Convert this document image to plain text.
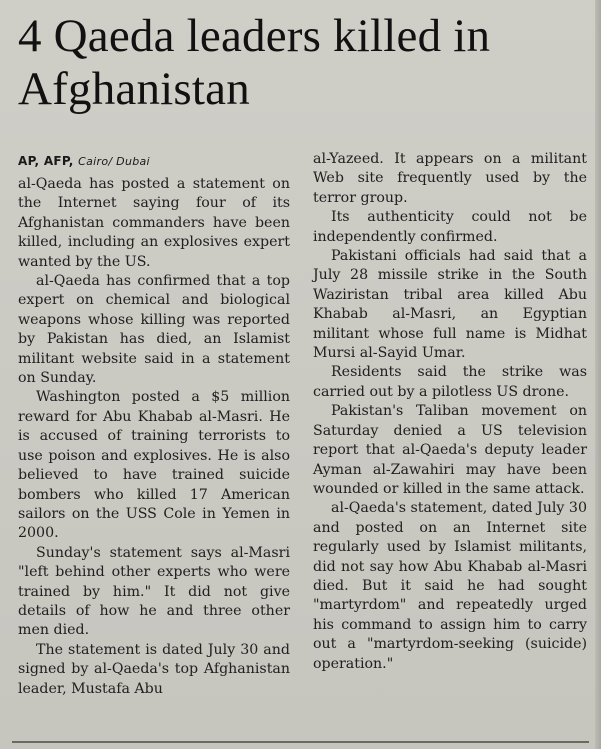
4 Qaeda leaders killed in Afghanistan
AP, AFP, Cairo/ Dubai

al-Qaeda has posted a statement on the Internet saying four of its Afghanistan commanders have been killed, including an explosives expert wanted by the US.

al-Qaeda has confirmed that a top expert on chemical and biological weapons whose killing was reported by Pakistan has died, an Islamist militant website said in a statement on Sunday.

Washington posted a $5 million reward for Abu Khabab al-Masri. He is accused of training terrorists to use poison and explosives. He is also believed to have trained suicide bombers who killed 17 American sailors on the USS Cole in Yemen in 2000.

Sunday's statement says al-Masri "left behind other experts who were trained by him." It did not give details of how he and three other men died.

The statement is dated July 30 and signed by al-Qaeda's top Afghanistan leader, Mustafa Abu

al-Yazeed. It appears on a militant Web site frequently used by the terror group.

Its authenticity could not be independently confirmed.

Pakistani officials had said that a July 28 missile strike in the South Waziristan tribal area killed Abu Khabab al-Masri, an Egyptian militant whose full name is Midhat Mursi al-Sayid Umar.

Residents said the strike was carried out by a pilotless US drone.

Pakistan's Taliban movement on Saturday denied a US television report that al-Qaeda's deputy leader Ayman al-Zawahiri may have been wounded or killed in the same attack.

al-Qaeda's statement, dated July 30 and posted on an Internet site regularly used by Islamist militants, did not say how Abu Khabab al-Masri died. But it said he had sought "martyrdom" and repeatedly urged his command to assign him to carry out a "martyrdom-seeking (suicide) operation."
